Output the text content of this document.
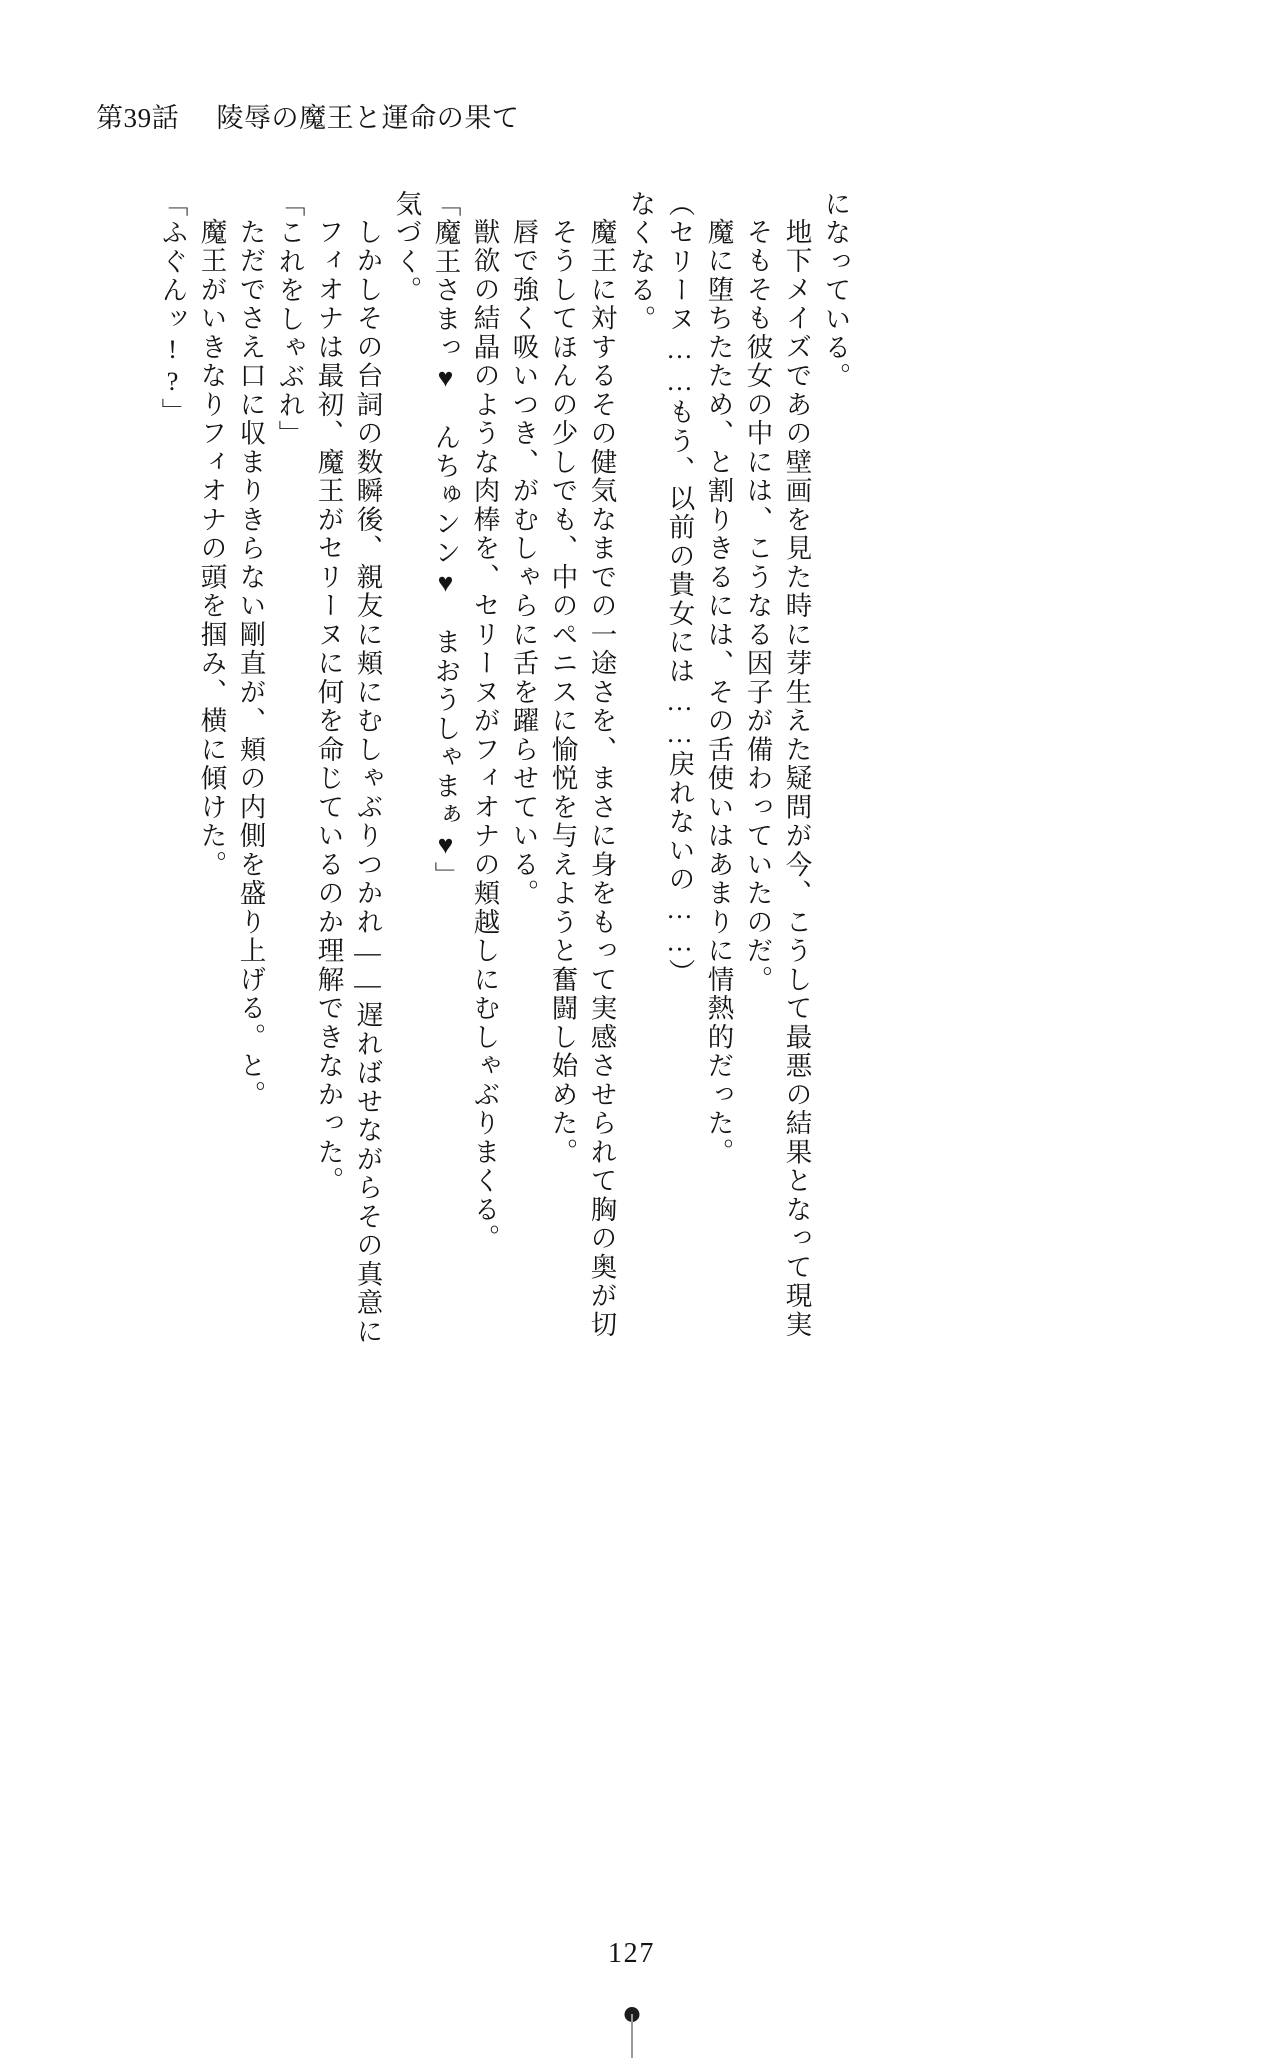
第39話 陵辱の魔王と運命の果て
「ふぐんッ!?」 魔王がいきなりフィオナの頭を掴み、横に傾けた。 ただでさえ口に収まりきらない剛直が、頬の内側を盛り上げる。と。 「これをしゃぶれ」 フィオナは最初、魔王がセリーヌに何を命じているのか理解できなかった。 しかしその台詞の数瞬後、親友に頬にむしゃぶりつかれ――遅ればせながらその真意に 気づく。 「魔王さまっ♥　んちゅンン♥　まおうしゃまぁ♥」 獣欲の結晶のような肉棒を、セリーヌがフィオナの頬越しにむしゃぶりまくる。 唇で強く吸いつき、がむしゃらに舌を躍らせている。 そうしてほんの少しでも、中のペニスに愉悦を与えようと奮闘し始めた。 魔王に対するその健気なまでの一途さを、まさに身をもって実感させられて胸の奥が切 なくなる。 （セリーヌ……もう、以前の貴女には……戻れないの……） 魔に堕ちたため、と割りきるには、その舌使いはあまりに情熱的だった。 そもそも彼女の中には、こうなる因子が備わっていたのだ。 地下メイズであの壁画を見た時に芽生えた疑問が今、こうして最悪の結果となって現実 になっている。
127
